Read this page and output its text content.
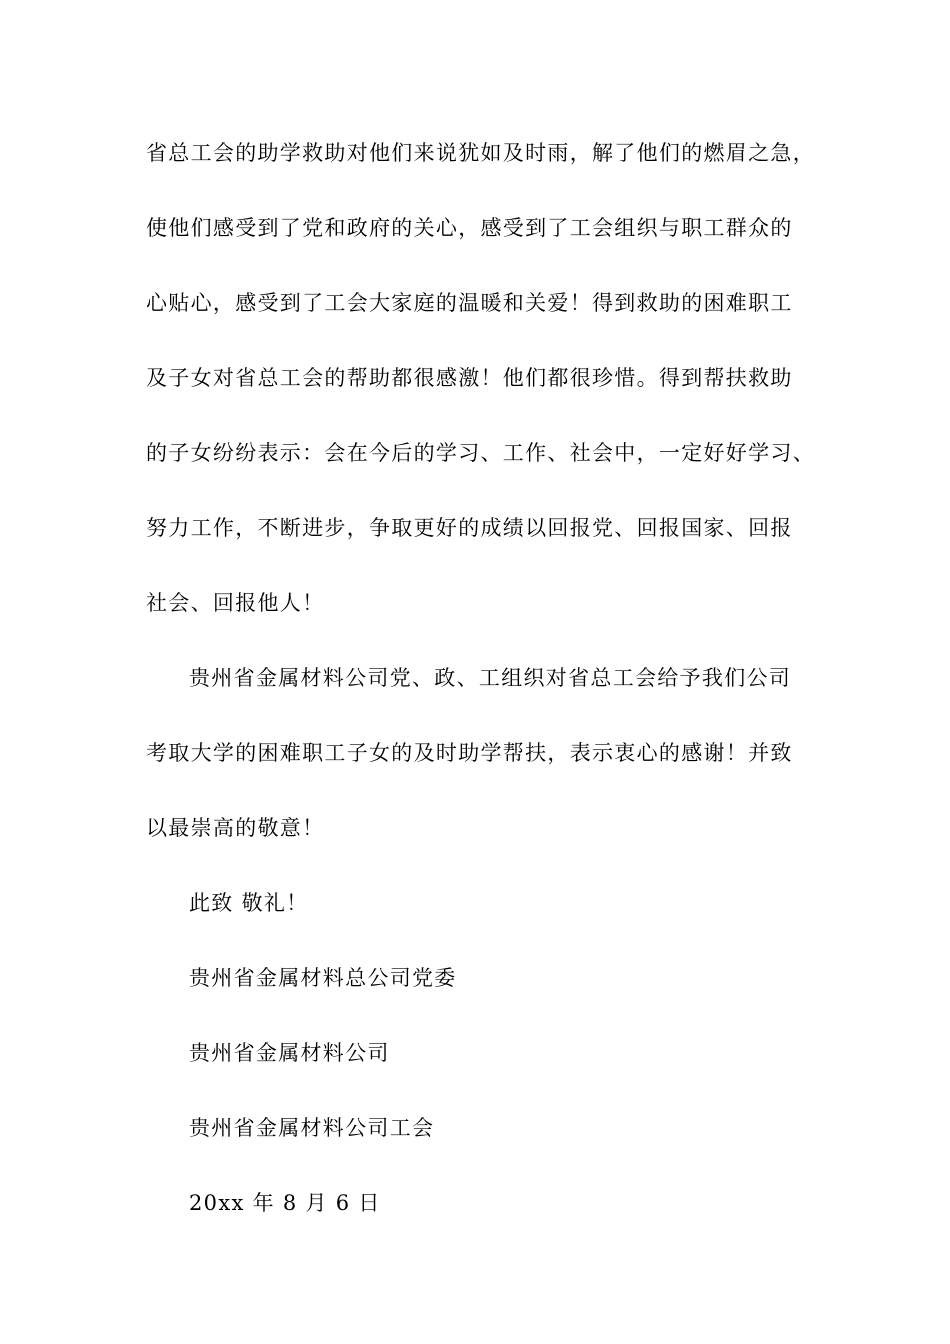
省总工会的助学救助对他们来说犹如及时雨，解了他们的燃眉之急，
使他们感受到了党和政府的关心，感受到了工会组织与职工群众的
心贴心，感受到了工会大家庭的温暖和关爱！得到救助的困难职工
及子女对省总工会的帮助都很感激！他们都很珍惜。得到帮扶救助
的子女纷纷表示：会在今后的学习、工作、社会中，一定好好学习、
努力工作，不断进步，争取更好的成绩以回报党、回报国家、回报
社会、回报他人！
贵州省金属材料公司党、政、工组织对省总工会给予我们公司
考取大学的困难职工子女的及时助学帮扶，表示衷心的感谢！并致
以最崇高的敬意！
此致 敬礼！
贵州省金属材料总公司党委
贵州省金属材料公司
贵州省金属材料公司工会
20xx 年 8 月 6 日
